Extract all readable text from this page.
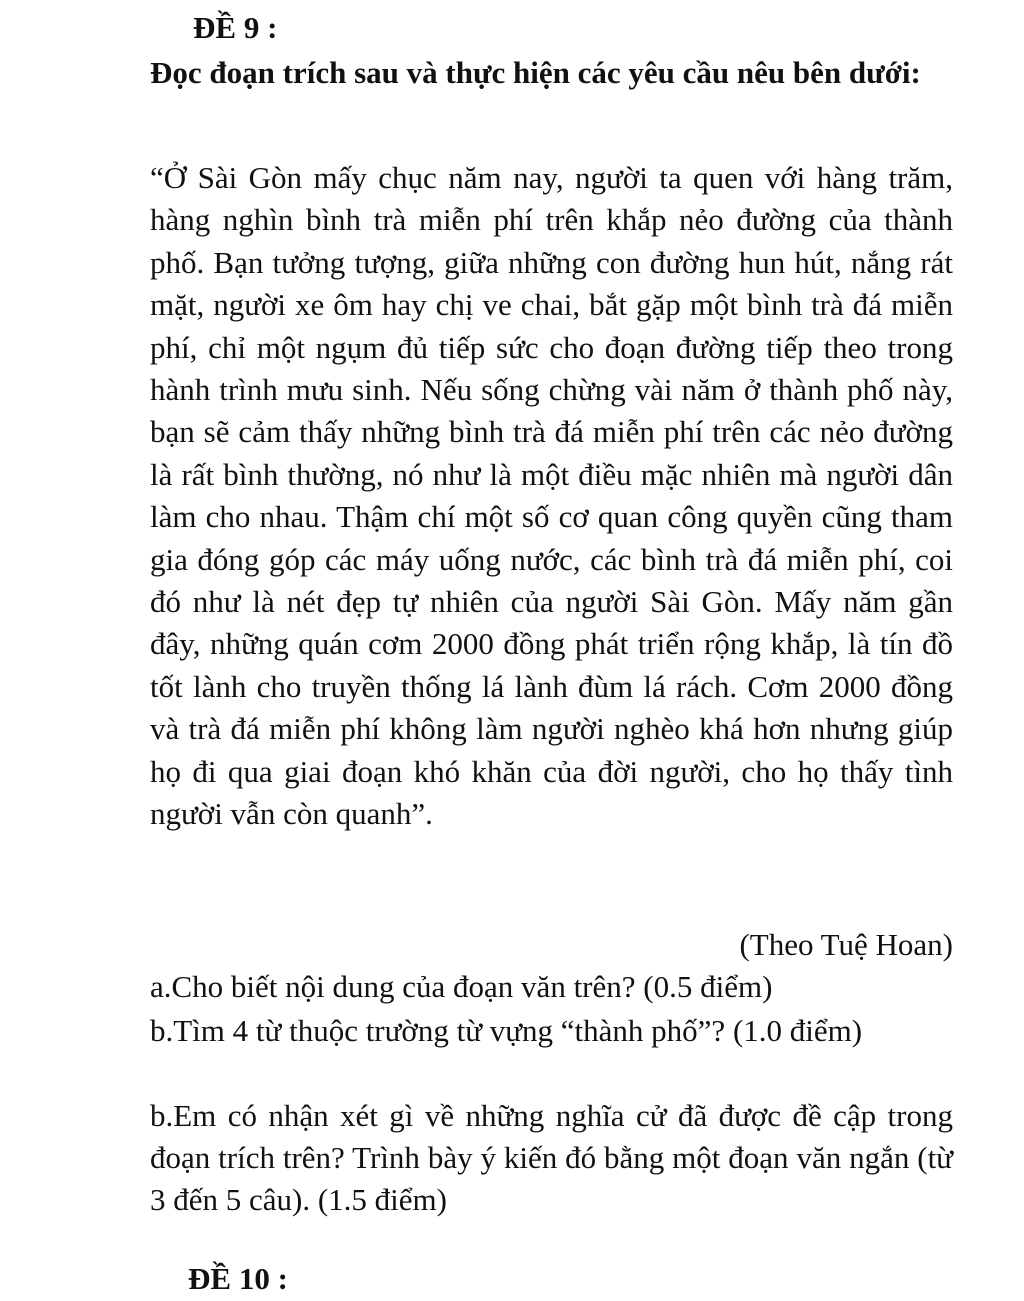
ĐỀ 9 :

Đọc đoạn trích sau và thực hiện các yêu cầu nêu bên dưới:

“Ở Sài Gòn mấy chục năm nay, người ta quen với hàng trăm, hàng nghìn bình trà miễn phí trên khắp nẻo đường của thành phố. Bạn tưởng tượng, giữa những con đường hun hút, nắng rát mặt, người xe ôm hay chị ve chai, bắt gặp một bình trà đá miễn phí, chỉ một ngụm đủ tiếp sức cho đoạn đường tiếp theo trong hành trình mưu sinh. Nếu sống chừng vài năm ở thành phố này, bạn sẽ cảm thấy những bình trà đá miễn phí trên các nẻo đường là rất bình thường, nó như là một điều mặc nhiên mà người dân làm cho nhau. Thậm chí một số cơ quan công quyền cũng tham gia đóng góp các máy uống nước, các bình trà đá miễn phí, coi đó như là nét đẹp tự nhiên của người Sài Gòn. Mấy năm gần đây, những quán cơm 2000 đồng phát triển rộng khắp, là tín đồ tốt lành cho truyền thống lá lành đùm lá rách. Cơm 2000 đồng và trà đá miễn phí không làm người nghèo khá hơn nhưng giúp họ đi qua giai đoạn khó khăn của đời người, cho họ thấy tình người vẫn còn quanh”.

(Theo Tuệ Hoan)

a.Cho biết nội dung của đoạn văn trên? (0.5 điểm)

b.Tìm 4 từ thuộc trường từ vựng “thành phố”? (1.0 điểm)

b.Em có nhận xét gì về những nghĩa cử đã được đề cập trong đoạn trích trên? Trình bày ý kiến đó bằng một đoạn văn ngắn (từ 3 đến 5 câu). (1.5 điểm)

ĐỀ 10 :
